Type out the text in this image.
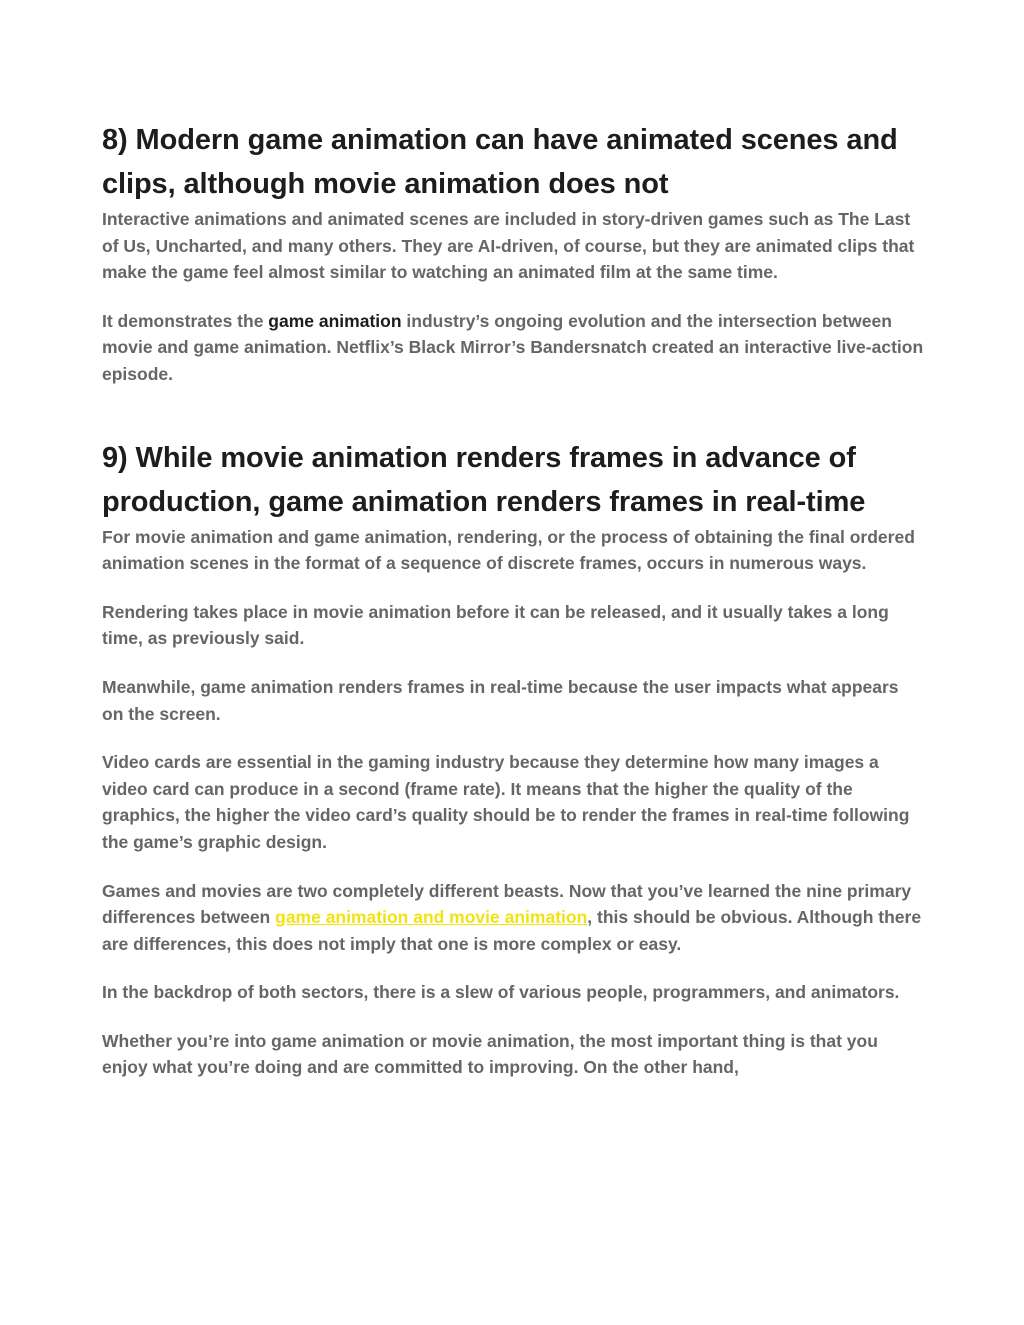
8) Modern game animation can have animated scenes and clips, although movie animation does not

Interactive animations and animated scenes are included in story-driven games such as The Last of Us, Uncharted, and many others. They are AI-driven, of course, but they are animated clips that make the game feel almost similar to watching an animated film at the same time.

It demonstrates the game animation industry’s ongoing evolution and the intersection between movie and game animation. Netflix’s Black Mirror’s Bandersnatch created an interactive live-action episode.

9) While movie animation renders frames in advance of production, game animation renders frames in real-time

For movie animation and game animation, rendering, or the process of obtaining the final ordered animation scenes in the format of a sequence of discrete frames, occurs in numerous ways.

Rendering takes place in movie animation before it can be released, and it usually takes a long time, as previously said.

Meanwhile, game animation renders frames in real-time because the user impacts what appears on the screen.

Video cards are essential in the gaming industry because they determine how many images a video card can produce in a second (frame rate). It means that the higher the quality of the graphics, the higher the video card’s quality should be to render the frames in real-time following the game’s graphic design.

Games and movies are two completely different beasts. Now that you’ve learned the nine primary differences between game animation and movie animation, this should be obvious. Although there are differences, this does not imply that one is more complex or easy.

In the backdrop of both sectors, there is a slew of various people, programmers, and animators.

Whether you’re into game animation or movie animation, the most important thing is that you enjoy what you’re doing and are committed to improving. On the other hand,
